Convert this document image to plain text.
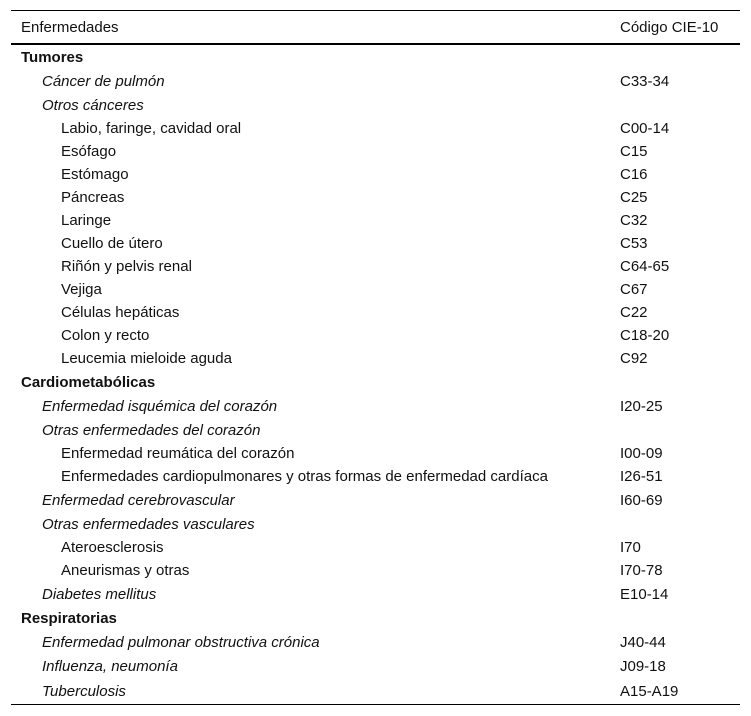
Enfermedades	Código CIE-10
Tumores	
Cáncer de pulmón	C33-34
Otros cánceres	
Labio, faringe, cavidad oral	C00-14
Esófago	C15
Estómago	C16
Páncreas	C25
Laringe	C32
Cuello de útero	C53
Riñón y pelvis renal	C64-65
Vejiga	C67
Células hepáticas	C22
Colon y recto	C18-20
Leucemia mieloide aguda	C92
Cardiometabólicas	
Enfermedad isquémica del corazón	I20-25
Otras enfermedades del corazón	
Enfermedad reumática del corazón	I00-09
Enfermedades cardiopulmonares y otras formas de enfermedad cardíaca	I26-51
Enfermedad cerebrovascular	I60-69
Otras enfermedades vasculares	
Ateroesclerosis	I70
Aneurismas y otras	I70-78
Diabetes mellitus	E10-14
Respiratorias	
Enfermedad pulmonar obstructiva crónica	J40-44
Influenza, neumonía	J09-18
Tuberculosis	A15-A19
